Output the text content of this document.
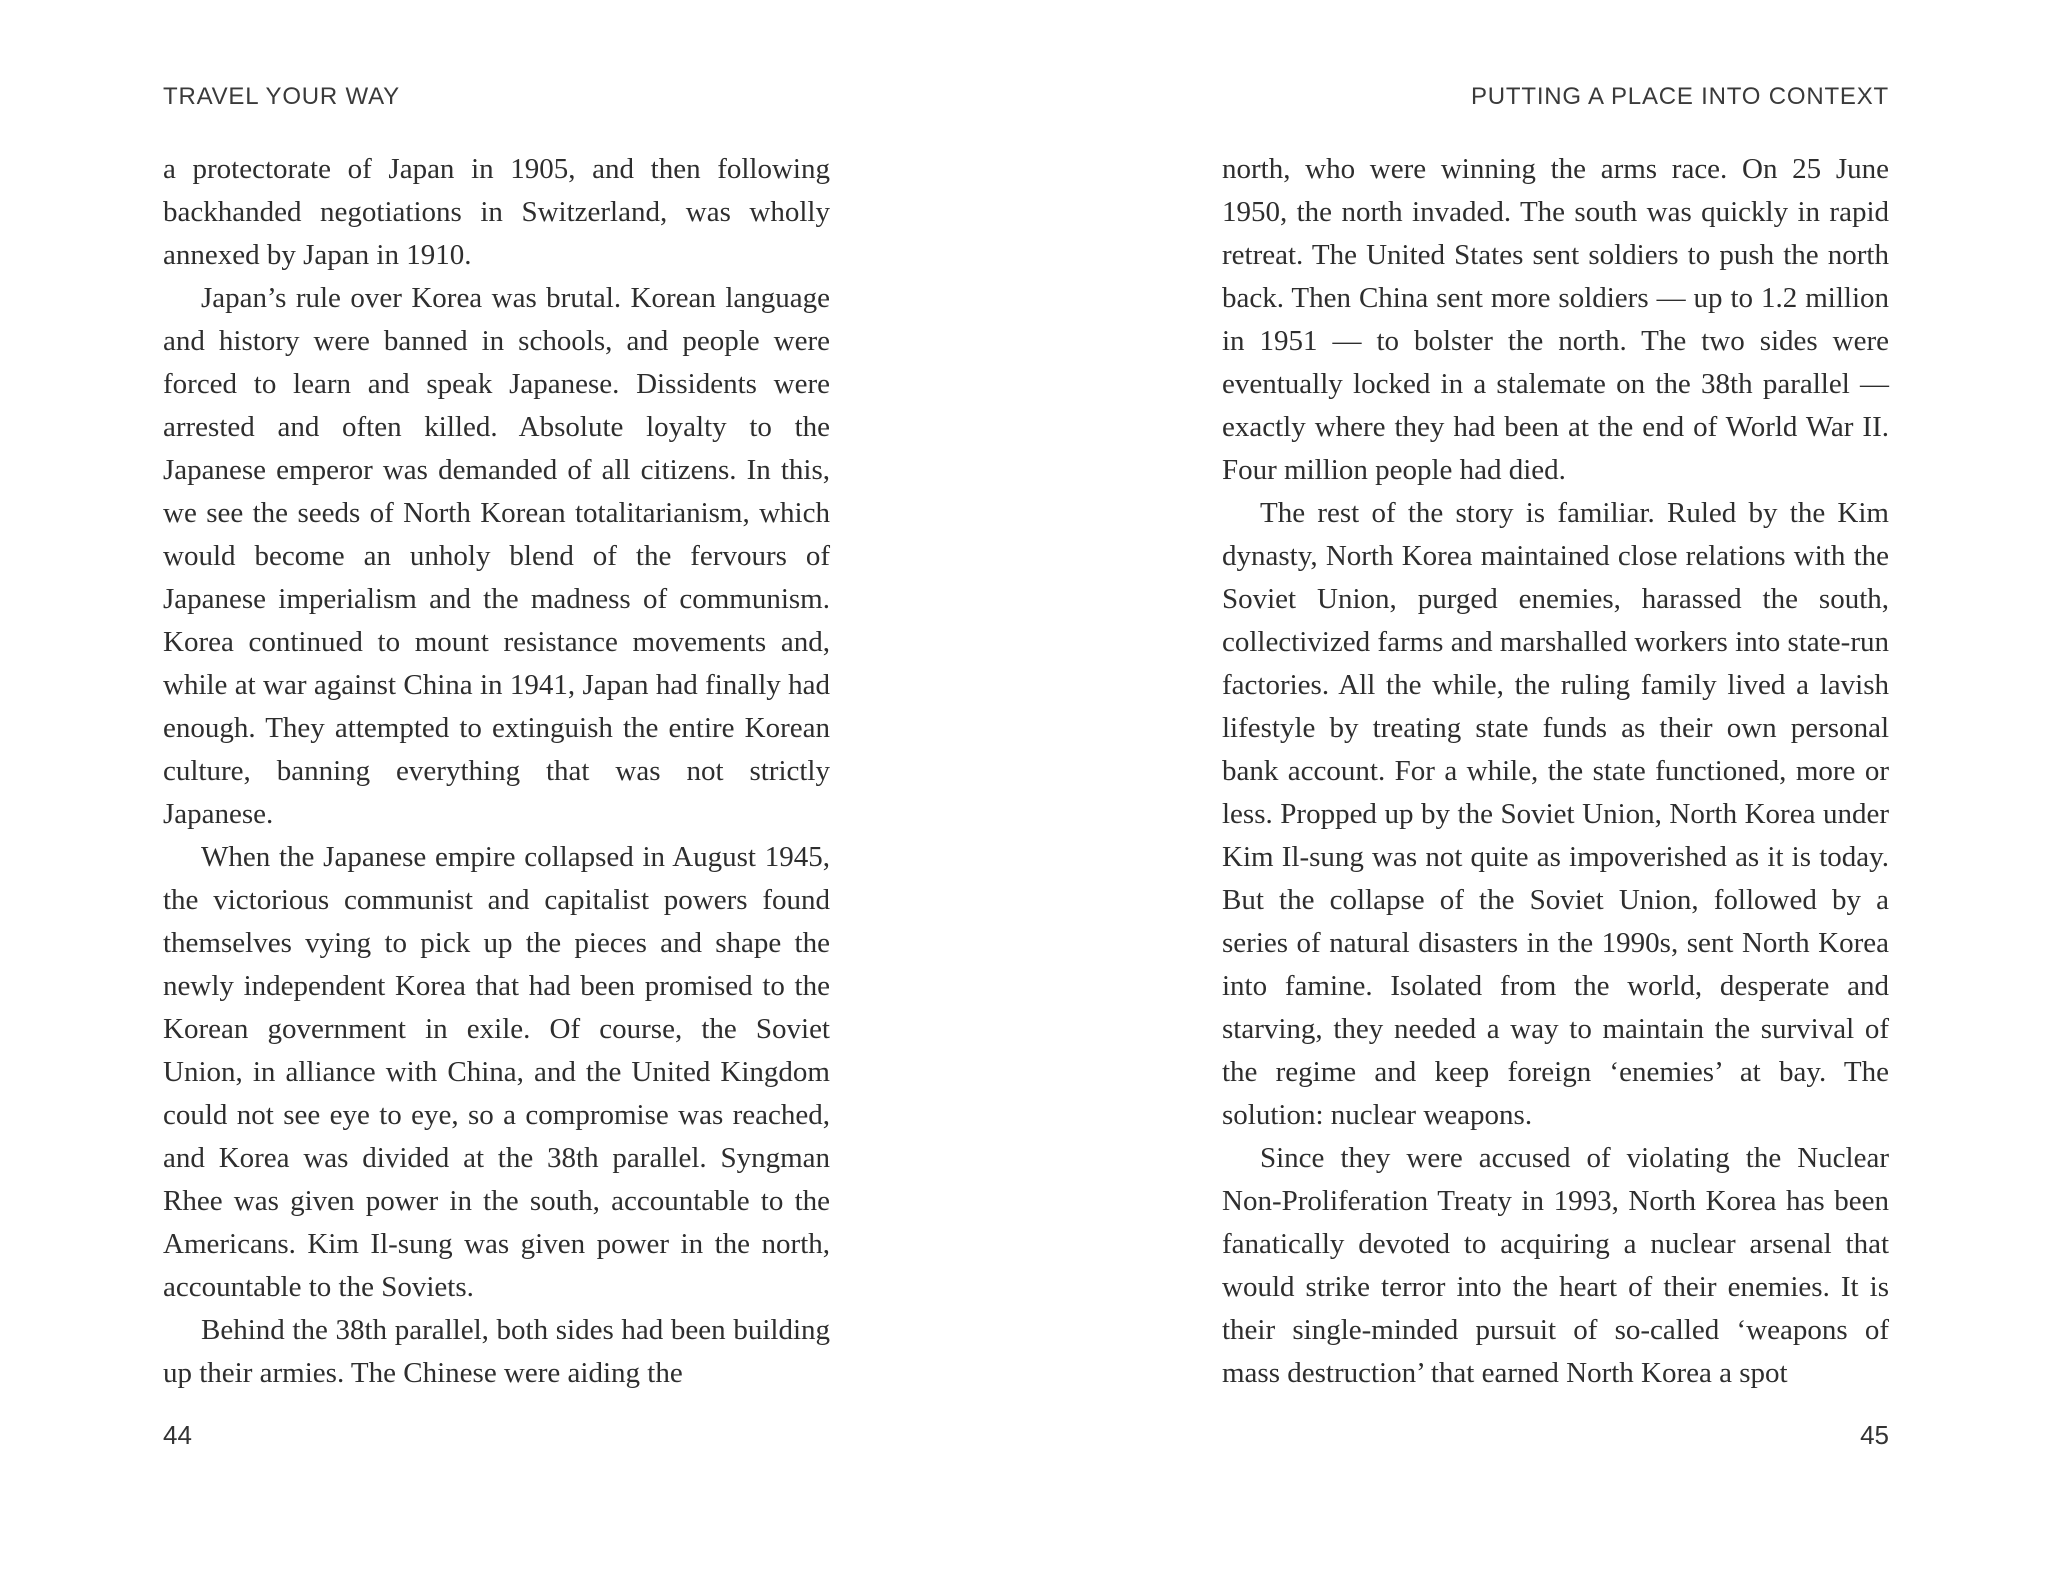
TRAVEL YOUR WAY

a protectorate of Japan in 1905, and then following backhanded negotiations in Switzerland, was wholly annexed by Japan in 1910.

Japan’s rule over Korea was brutal. Korean language and history were banned in schools, and people were forced to learn and speak Japanese. Dissidents were arrested and often killed. Absolute loyalty to the Japanese emperor was demanded of all citizens. In this, we see the seeds of North Korean totalitarianism, which would become an unholy blend of the fervours of Japanese imperialism and the madness of communism. Korea continued to mount resistance movements and, while at war against China in 1941, Japan had finally had enough. They attempted to extinguish the entire Korean culture, banning everything that was not strictly Japanese.

When the Japanese empire collapsed in August 1945, the victorious communist and capitalist powers found themselves vying to pick up the pieces and shape the newly independent Korea that had been promised to the Korean government in exile. Of course, the Soviet Union, in alliance with China, and the United Kingdom could not see eye to eye, so a compromise was reached, and Korea was divided at the 38th parallel. Syngman Rhee was given power in the south, accountable to the Americans. Kim Il-sung was given power in the north, accountable to the Soviets.

Behind the 38th parallel, both sides had been building up their armies. The Chinese were aiding the

44
PUTTING A PLACE INTO CONTEXT

north, who were winning the arms race. On 25 June 1950, the north invaded. The south was quickly in rapid retreat. The United States sent soldiers to push the north back. Then China sent more soldiers — up to 1.2 million in 1951 — to bolster the north. The two sides were eventually locked in a stalemate on the 38th parallel — exactly where they had been at the end of World War II. Four million people had died.

The rest of the story is familiar. Ruled by the Kim dynasty, North Korea maintained close relations with the Soviet Union, purged enemies, harassed the south, collectivized farms and marshalled workers into state-run factories. All the while, the ruling family lived a lavish lifestyle by treating state funds as their own personal bank account. For a while, the state functioned, more or less. Propped up by the Soviet Union, North Korea under Kim Il-sung was not quite as impoverished as it is today. But the collapse of the Soviet Union, followed by a series of natural disasters in the 1990s, sent North Korea into famine. Isolated from the world, desperate and starving, they needed a way to maintain the survival of the regime and keep foreign ‘enemies’ at bay. The solution: nuclear weapons.

Since they were accused of violating the Nuclear Non-Proliferation Treaty in 1993, North Korea has been fanatically devoted to acquiring a nuclear arsenal that would strike terror into the heart of their enemies. It is their single-minded pursuit of so-called ‘weapons of mass destruction’ that earned North Korea a spot

45
